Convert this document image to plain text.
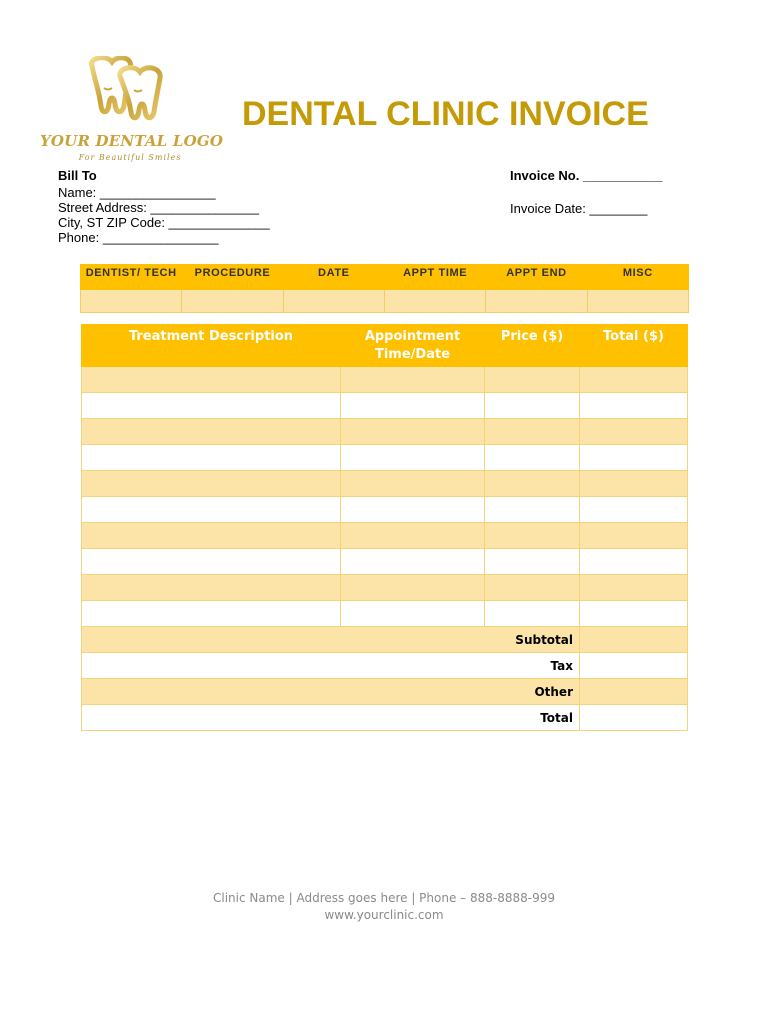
YOUR DENTAL LOGO
For Beautiful Smiles
DENTAL CLINIC INVOICE
Bill To
Name: ________________
Street Address: _______________
City, ST ZIP Code: ______________
Phone: ________________
Invoice No. ___________
Invoice Date: ________
DENTIST/ TECH	PROCEDURE	DATE	APPT TIME	APPT END	MISC

Treatment Description	Appointment Time/Date	Price ($)	Total ($)

Subtotal			
Tax			
Other			
Total			
Clinic Name | Address goes here | Phone – 888-8888-999
www.yourclinic.com
